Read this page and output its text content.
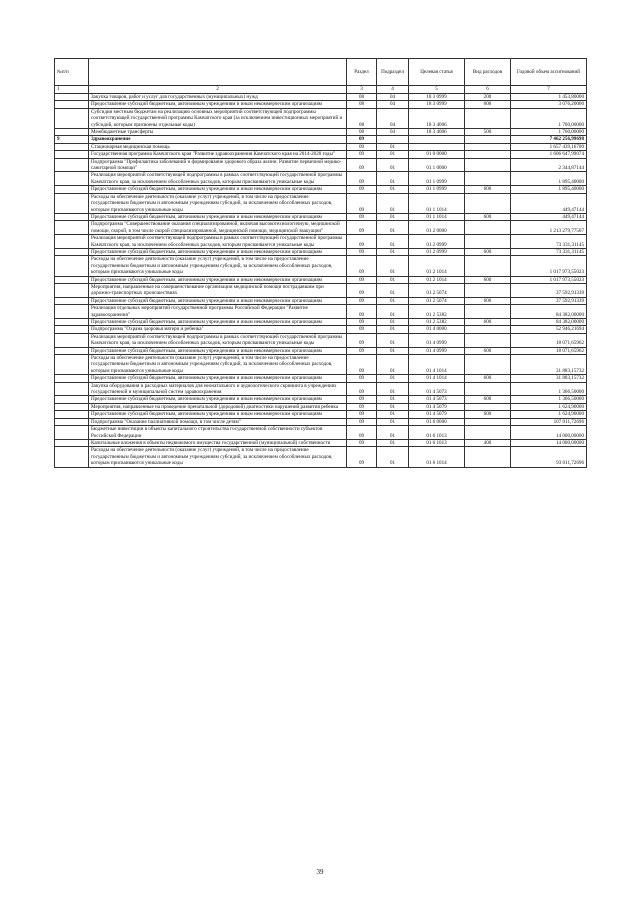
№п/п		Раздел	Подраздел	Целевая статья	Вид расходов	Годовой объем ассигнований
1	2	3	4	5	6	7
	Закупка товаров, работ и услуг для государственных (муниципальных) нужд	08	04	18 3 0999	200	1 453,80000
	Предоставление субсидий бюджетным, автономным учреждениям и иным некоммерческим организациям	08	04	18 3 0999	600	3 076,20000
	Субсидии местным бюджетам на реализацию основных мероприятий соответствующей подпрограммы соответствующей государственной программы Камчатского края (за исключением инвестиционных мероприятий и субсидий, которым присвоены отдельные коды)	08	04	18 3 4006		1 760,00000
	Межбюджетные трансферты	08	04	18 3 4006	500	1 760,00000
9	Здравоохранение	09				7 462 256,99698
	Стационарная медицинская помощь	09	01			1 657 439,16700
	Государственная программа Камчатского края "Развитие здравоохранения Камчатского края на 2014-2020 годы"	09	01	01 0 0000		1 606 647,99074
	Подпрограмма "Профилактика заболеваний и формирование здорового образа жизни. Развитие первичной медико-санитарной помощи"	09	01	01 1 0000		2 344,87144
	Реализация мероприятий соответствующей подпрограммы в рамках соответствующей государственной программы Камчатского края, за исключением обособленных расходов, которым присваиваются уникальные коды	09	01	01 1 0999		1 895,40000
	Предоставление субсидий бюджетным, автономным учреждениям и иным некоммерческим организациям	09	01	01 1 0999	600	1 895,40000
	Расходы на обеспечение деятельности (оказание услуг) учреждений, в том числе на предоставление государственным бюджетным и автономным учреждениям субсидий, за исключением обособленных расходов, которым присваиваются уникальные коды	09	01	01 1 1014		449,47144
	Предоставление субсидий бюджетным, автономным учреждениям и иным некоммерческим организациям	09	01	01 1 1014	600	449,47144
	Подпрограмма "Совершенствование оказания специализированной, включая высокотехнологичную, медицинской помощи, скорой, в том числе скорой специализированной, медицинской помощи, медицинской эвакуации"	09	01	01 2 0000		1 213 279,77507
	Реализация мероприятий соответствующей подпрограммы в рамках соответствующей государственной программы Камчатского края, за исключением обособленных расходов, которым присваиваются уникальные коды	09	01	01 2 0999		73 331,31145
	Предоставление субсидий бюджетным, автономным учреждениям и иным некоммерческим организациям	09	01	01 2 0999	600	73 331,31145
	Расходы на обеспечение деятельности (оказание услуг) учреждений, в том числе на предоставление государственным бюджетным и автономным учреждениям субсидий, за исключением обособленных расходов, которым присваиваются уникальные коды	09	01	01 2 1014		1 017 973,55023
	Предоставление субсидий бюджетным, автономным учреждениям и иным некоммерческим организациям	09	01	01 2 1014	600	1 017 973,55023
	Мероприятия, направленные на совершенствование организации медицинской помощи пострадавшим при дорожно-транспортных происшествиях	09	01	01 2 5074		37 592,91339
	Предоставление субсидий бюджетным, автономным учреждениям и иным некоммерческим организациям	09	01	01 2 5074	600	37 592,91339
	Реализация отдельных мероприятий государственной программы Российской Федерации "Развитие здравоохранения"	09	01	01 2 5382		84 382,00000
	Предоставление субсидий бюджетным, автономным учреждениям и иным некоммерческим организациям	09	01	01 2 5382	600	84 382,00000
	Подпрограмма "Охрана здоровья матери и ребенка"	09	01	01 4 0000		52 946,21694
	Реализация мероприятий соответствующей подпрограммы в рамках соответствующей государственной программы Камчатского края, за исключением обособленных расходов, которым присваиваются уникальные коды	09	01	01 4 0999		18 071,65962
	Предоставление субсидий бюджетным, автономным учреждениям и иным некоммерческим организациям	09	01	01 4 0999	600	18 071,65962
	Расходы на обеспечение деятельности (оказание услуг) учреждений, в том числе на предоставление государственным бюджетным и автономным учреждениям субсидий, за исключением обособленных расходов, которым присваиваются уникальные коды	09	01	01 4 1014		31 883,15732
	Предоставление субсидий бюджетным, автономным учреждениям и иным некоммерческим организациям	09	01	01 4 1014	600	31 883,15732
	Закупка оборудования и расходных материалов для неонатального и аудиологического скрининга в учреждениях государственной и муниципальной систем здравоохранения	09	01	01 4 5073		1 366,50000
	Предоставление субсидий бюджетным, автономным учреждениям и иным некоммерческим организациям	09	01	01 4 5073	600	1 366,50000
	Мероприятия, направленные на проведение пренатальной (дородовой) диагностики нарушений развития ребенка	09	01	01 4 5079		1 624,90000
	Предоставление субсидий бюджетным, автономным учреждениям и иным некоммерческим организациям	09	01	01 4 5079	600	1 624,90000
	Подпрограмма "Оказание паллиативной помощи, в том числе детям"	09	01	01 6 0000		107 011,72696
	Бюджетные инвестиции в объекты капитального строительства государственной собственности субъектов Российской Федерации	09	01	01 6 1013		14 000,00000
	Капитальные вложения в объекты недвижимого имущества государственной (муниципальной) собственности	09	01	01 6 1013	400	14 000,00000
	Расходы на обеспечение деятельности (оказание услуг) учреждений, в том числе на предоставление государственным бюджетным и автономным учреждениям субсидий, за исключением обособленных расходов, которым присваиваются уникальные коды	09	01	01 6 1014		93 011,72696
39
